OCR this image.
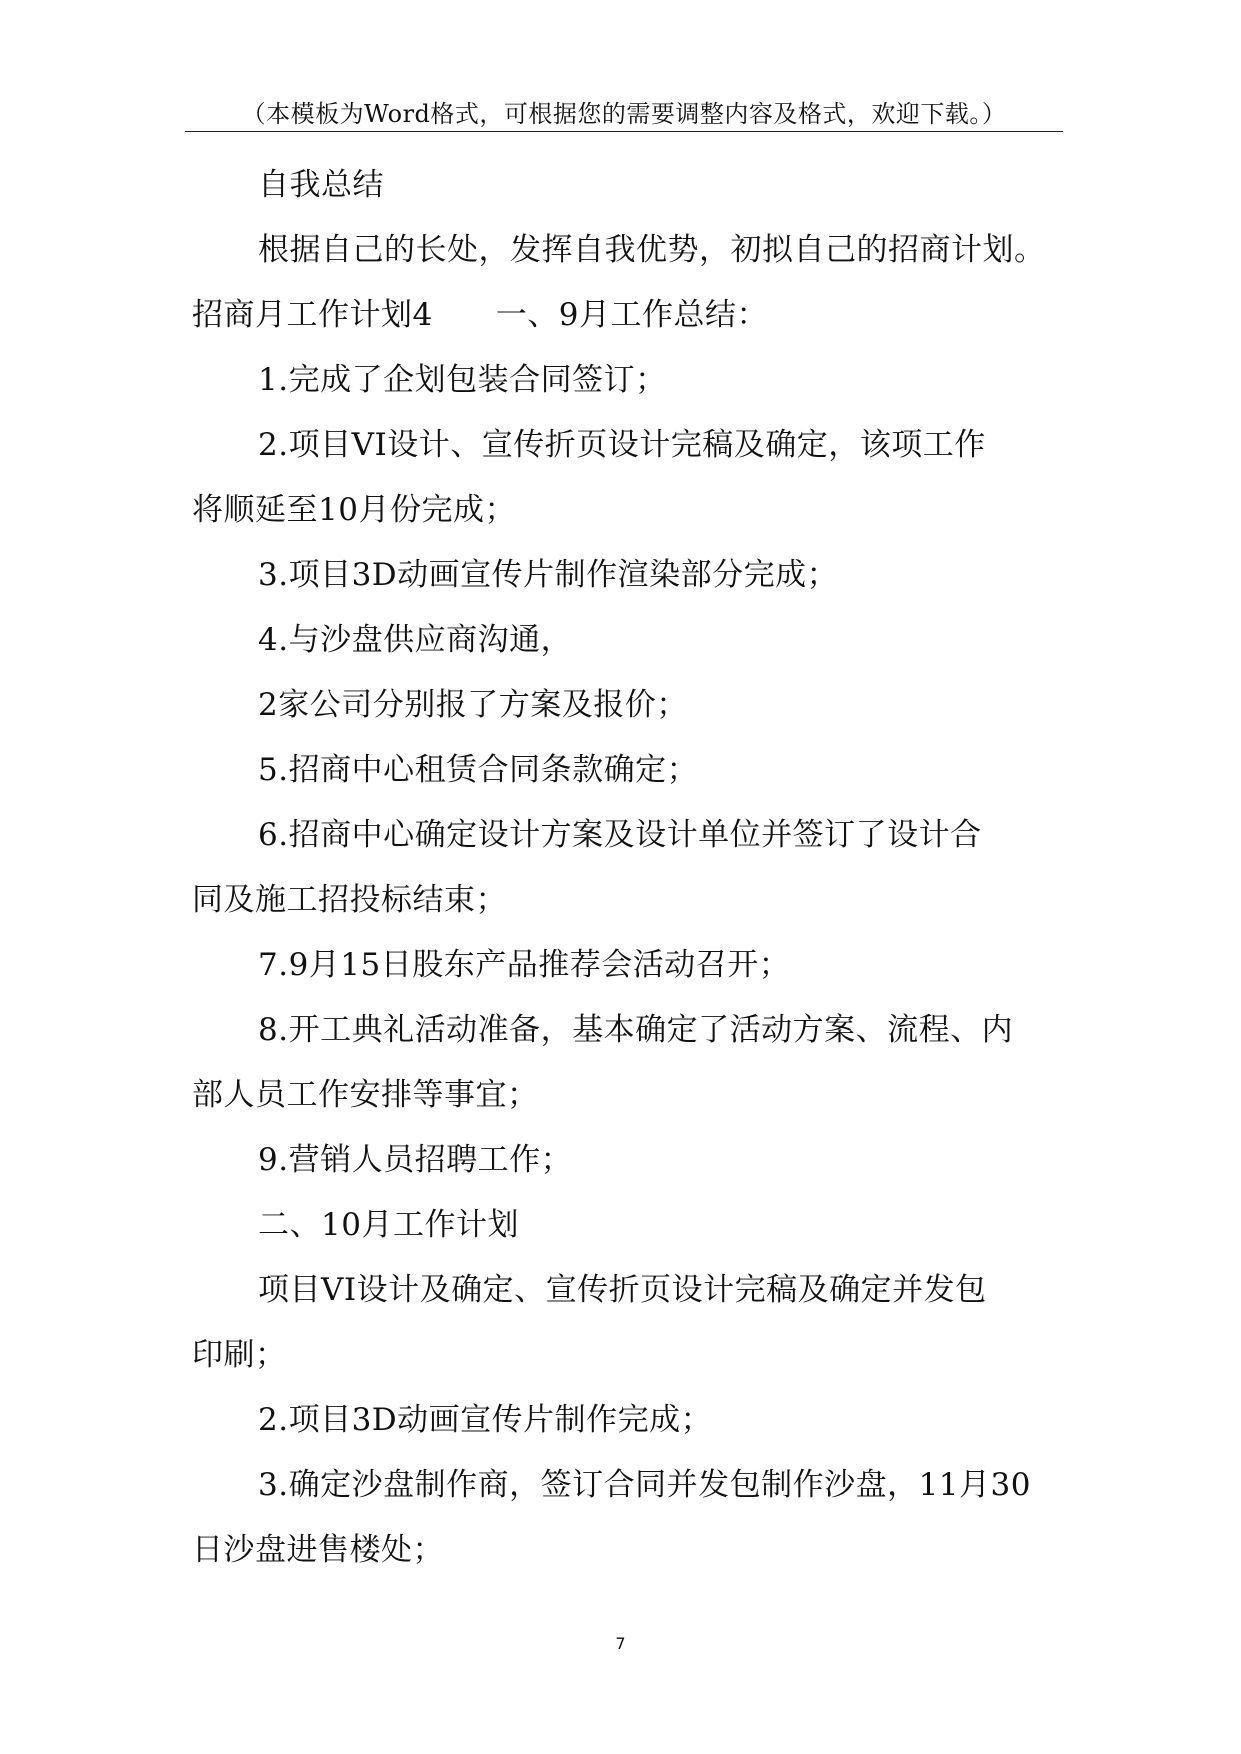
（本模板为Word格式，可根据您的需要调整内容及格式，欢迎下载。）
自我总结
根据自己的长处，发挥自我优势，初拟自己的招商计划。
招商月工作计划4　　一、9月工作总结：
1.完成了企划包装合同签订；
2.项目VI设计、宣传折页设计完稿及确定，该项工作
将顺延至10月份完成；
3.项目3D动画宣传片制作渲染部分完成；
4.与沙盘供应商沟通，
2家公司分别报了方案及报价；
5.招商中心租赁合同条款确定；
6.招商中心确定设计方案及设计单位并签订了设计合
同及施工招投标结束；
7.9月15日股东产品推荐会活动召开；
8.开工典礼活动准备，基本确定了活动方案、流程、内
部人员工作安排等事宜；
9.营销人员招聘工作；
二、10月工作计划
项目VI设计及确定、宣传折页设计完稿及确定并发包
印刷；
2.项目3D动画宣传片制作完成；
3.确定沙盘制作商，签订合同并发包制作沙盘，11月30
日沙盘进售楼处；
7
